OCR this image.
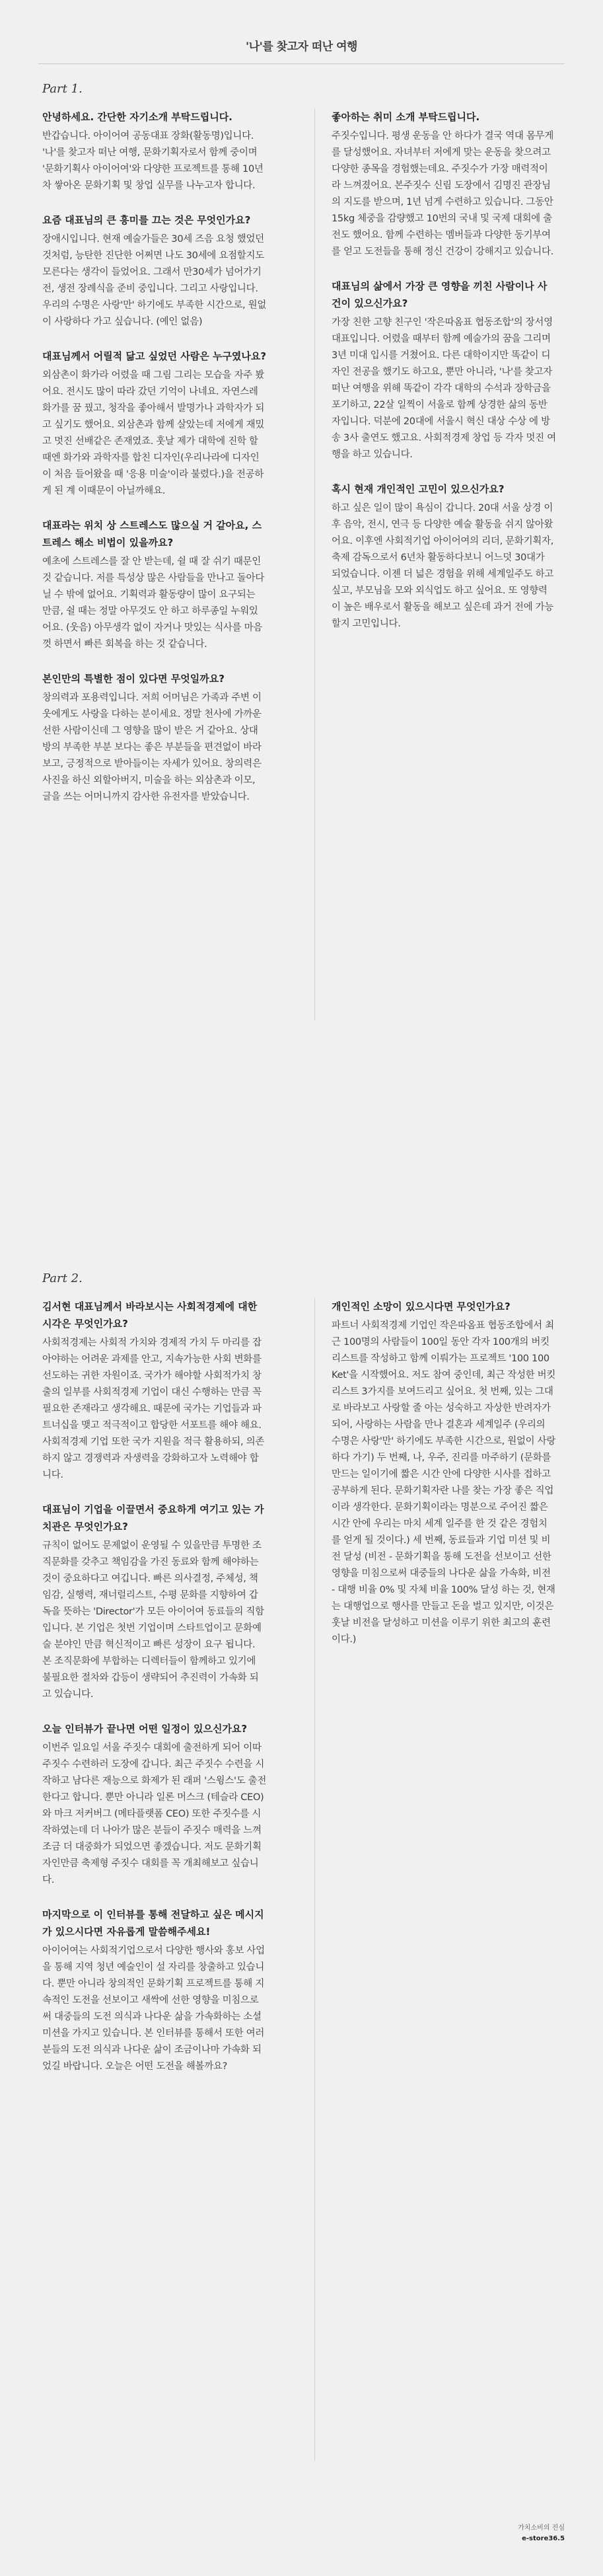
'나'를 찾고자 떠난 여행
Part 1.

안녕하세요. 간단한 자기소개 부탁드립니다.

반갑습니다. 아이어여 공동대표 장화(활동명)입니다. '나'를 찾고자 떠난 여행, 문화기획자로서 함께 중이며 '문화기획사 아이어여'와 다양한 프로젝트를 통해 10년차 쌓아온 문화기획 및 창업 실무를 나누고자 합니다.

요즘 대표님의 큰 흥미를 끄는 것은 무엇인가요?

장애시입니다. 현재 예술가들은 30세 즈음 요청 했었던 것처럼, 능탄한 진단한 어쩌면 나도 30세에 요점할지도 모른다는 생각이 들었어요. 그래서 만30세가 넘어가기 전, 생전 장례식을 준비 중입니다. 그리고 사랑입니다. 우리의 수명은 사랑'만' 하기에도 부족한 시간으로, 원없이 사랑하다 가고 싶습니다. (예인 없음)

대표님께서 어릴적 닮고 싶었던 사람은 누구였나요?

외삼촌이 화가라 어렸을 때 그림 그리는 모습을 자주 봤어요. 전시도 많이 따라 갔던 기억이 나네요. 자연스레 화가를 꿈 꿨고, 청작을 좋아해서 발명가나 과학자가 되고 싶기도 했어요. 외삼촌과 함께 살았는데 저에게 재밌고 멋진 선배같은 존재였죠. 훗날 제가 대학에 진학 할 때엔 화가와 과학자를 합친 디자인(우리나라에 디자인이 처음 들어왔을 때 '응용 미술'이라 불렸다.)을 전공하게 된 계 이때문이 아닐까해요.

대표라는 위치 상 스트레스도 많으실 거 같아요, 스트레스 해소 비법이 있을까요?

예초에 스트레스를 잘 안 받는데, 쉴 때 잘 쉬기 때문인 것 같습니다. 저를 특성상 많은 사람들을 만나고 돌아다닐 수 밖에 없어요. 기획력과 활동량이 많이 요구되는 만큼, 쉴 때는 정말 아무것도 안 하고 하루종일 누워있어요. (웃음) 아무생각 없이 자거나 맛있는 식사를 마음껏 하면서 빠른 회복을 하는 것 같습니다.

본인만의 특별한 점이 있다면 무엇일까요?

창의력과 포용력입니다. 저희 어머님은 가족과 주변 이웃에게도 사랑을 다하는 분이세요. 정말 천사에 가까운 선한 사람이신데 그 영향을 많이 받은 거 같아요. 상대방의 부족한 부분 보다는 좋은 부분들을 편견없이 바라보고, 긍정적으로 받아들이는 자세가 있어요. 창의력은 사진을 하신 외할아버지, 미술을 하는 외삼촌과 이모, 글을 쓰는 어머니까지 감사한 유전자를 받았습니다.

좋아하는 취미 소개 부탁드립니다.

주짓수입니다. 평생 운동을 안 하다가 결국 역대 몸무게를 달성했어요. 자녀부터 저에게 맞는 운동을 찾으려고 다양한 종목을 경험했는데요. 주짓수가 가장 매력적이라 느껴졌어요. 본주짓수 신림 도장에서 김명진 관장님의 지도를 받으며, 1년 넘게 수련하고 있습니다. 그동안 15kg 체중을 감량했고 10번의 국내 및 국제 대회에 출전도 했어요. 함께 수련하는 멤버들과 다양한 동기부여를 얻고 도전들을 통해 정신 건강이 강해지고 있습니다.

대표님의 삶에서 가장 큰 영향을 끼친 사람이나 사건이 있으신가요?

가장 친한 고향 친구인 '작은따옴표 협동조합'의 장서영 대표입니다. 어렸을 때부터 함께 예술가의 꿈을 그리며 3년 미대 입시를 거쳤어요. 다른 대학이지만 똑같이 디자인 전공을 했기도 하고요, 뿐만 아니라, '나'를 찾고자 떠난 여행을 위해 똑같이 각각 대학의 수석과 장학금을 포기하고, 22살 일찍이 서울로 함께 상경한 삶의 동반자입니다. 덕분에 20대에 서울시 혁신 대상 수상 에 방송 3사 출연도 했고요. 사회적경제 창업 등 각자 멋진 여행을 하고 있습니다.

혹시 현재 개인적인 고민이 있으신가요?

하고 싶은 일이 많이 욕심이 갑니다. 20대 서울 상경 이후 음악, 전시, 연극 등 다양한 예술 활동을 쉬지 않아왔어요. 이후엔 사회적기업 아이어여의 리더, 문화기획자, 축제 감독으로서 6년차 활동하다보니 어느덧 30대가 되었습니다. 이젠 더 넓은 경험을 위해 세계일주도 하고 싶고, 부모님을 모와 외식업도 하고 싶어요. 또 영향력이 높은 배우로서 활동을 해보고 싶은데 과거 전에 가능할지 고민입니다.

Part 2.

김서현 대표님께서 바라보시는 사회적경제에 대한 시각은 무엇인가요?

사회적경제는 사회적 가치와 경제적 가치 두 마리를 잡아야하는 어려운 과제를 안고, 지속가능한 사회 변화를 선도하는 귀한 자원이죠. 국가가 해야할 사회적가치 창출의 일부를 사회적경제 기업이 대신 수행하는 만큼 꼭 필요한 존재라고 생각해요. 때문에 국가는 기업들과 파트너십을 맺고 적극적이고 합당한 서포트를 해야 해요. 사회적경제 기업 또한 국가 지원을 적극 활용하되, 의존하지 않고 경쟁력과 자생력을 강화하고자 노력해야 합니다.

대표님이 기업을 이끌면서 중요하게 여기고 있는 가치관은 무엇인가요?

규칙이 없어도 문제없이 운영될 수 있을만큼 투명한 조직문화를 갖추고 책임감을 가진 동료와 함께 해야하는 것이 중요하다고 여깁니다. 빠른 의사결정, 주체성, 책임감, 실행력, 재너럴리스트, 수평 문화를 지향하여 갑독을 뜻하는 'Director'가 모든 아이어여 동료들의 직함 입니다. 본 기업은 첫번 기업이며 스타트업이고 문화예술 분야인 만큼 혁신적이고 빠른 성장이 요구 됩니다. 본 조직문화에 부합하는 디렉터들이 함께하고 있기에 불필요한 절차와 갑등이 생략되어 추진력이 가속화 되고 있습니다.

오늘 인터뷰가 끝나면 어떤 일정이 있으신가요?

이번주 일요일 서울 주짓수 대회에 출전하게 되어 이따 주짓수 수련하러 도장에 갑니다. 최근 주짓수 수련을 시작하고 남다른 재능으로 화제가 된 래퍼 '스윙스'도 출전한다고 합니다. 뿐만 아니라 일론 머스크 (테슬라 CEO)와 마크 저커버그 (메타플랫폼 CEO) 또한 주짓수를 시작하였는데 더 나아가 많은 분들이 주짓수 매력을 느껴 조금 더 대중화가 되었으면 좋겠습니다. 저도 문화기획자인만큼 축제형 주짓수 대회를 꼭 개최해보고 싶습니다.

마지막으로 이 인터뷰를 통해 전달하고 싶은 메시지가 있으시다면 자유롭게 말씀해주세요!

아이어여는 사회적기업으로서 다양한 행사와 홍보 사업을 통해 지역 청년 예술인이 설 자리를 창출하고 있습니다. 뿐만 아니라 창의적인 문화기획 프로젝트를 통해 지속적인 도전을 선보이고 새싹에 선한 영향을 미침으로써 대중들의 도전 의식과 나다운 삶을 가속화하는 소셜 미션을 가지고 있습니다. 본 인터뷰를 통해서 또한 여러분들의 도전 의식과 나다운 삶이 조금이나마 가속화 되었길 바랍니다. 오늘은 어떤 도전을 해볼까요?

개인적인 소망이 있으시다면 무엇인가요?

파트너 사회적경제 기업인 작은따옴표 협동조합에서 최근 100명의 사람들이 100일 동안 각자 100개의 버킷리스트를 작성하고 함께 이뤄가는 프로젝트 '100 100 Ket'을 시작했어요. 저도 참여 중인데, 최근 작성한 버킷리스트 3가지를 보여드리고 싶어요. 첫 번째, 있는 그대로 바라보고 사랑할 줄 아는 성숙하고 자상한 반려자가 되어, 사랑하는 사람을 만나 결혼과 세계일주 (우리의 수명은 사랑'만' 하기에도 부족한 시간으로, 원없이 사랑하다 가기) 두 번째, 나, 우주, 진리를 마주하기 (문화를 만드는 일이기에 짧은 시간 안에 다양한 시사를 접하고 공부하게 된다. 문화기획자란 나를 찾는 가장 좋은 직업이라 생각한다. 문화기획이라는 명분으로 주어진 짧은 시간 안에 우리는 마치 세계 일주를 한 것 같은 경험치를 얻게 될 것이다.) 세 번째, 동료들과 기업 미션 및 비전 달성 (비전 - 문화기획을 통해 도전을 선보이고 선한 영향을 미침으로써 대중들의 나다운 삶을 가속화, 비전 - 대행 비율 0% 및 자체 비율 100% 달성 하는 것, 현재는 대행업으로 행사를 만들고 돈을 벌고 있지만, 이것은 훗날 비전을 달성하고 미션을 이루기 위한 최고의 훈련이다.)

가치소비의 진심
e-store36.5
